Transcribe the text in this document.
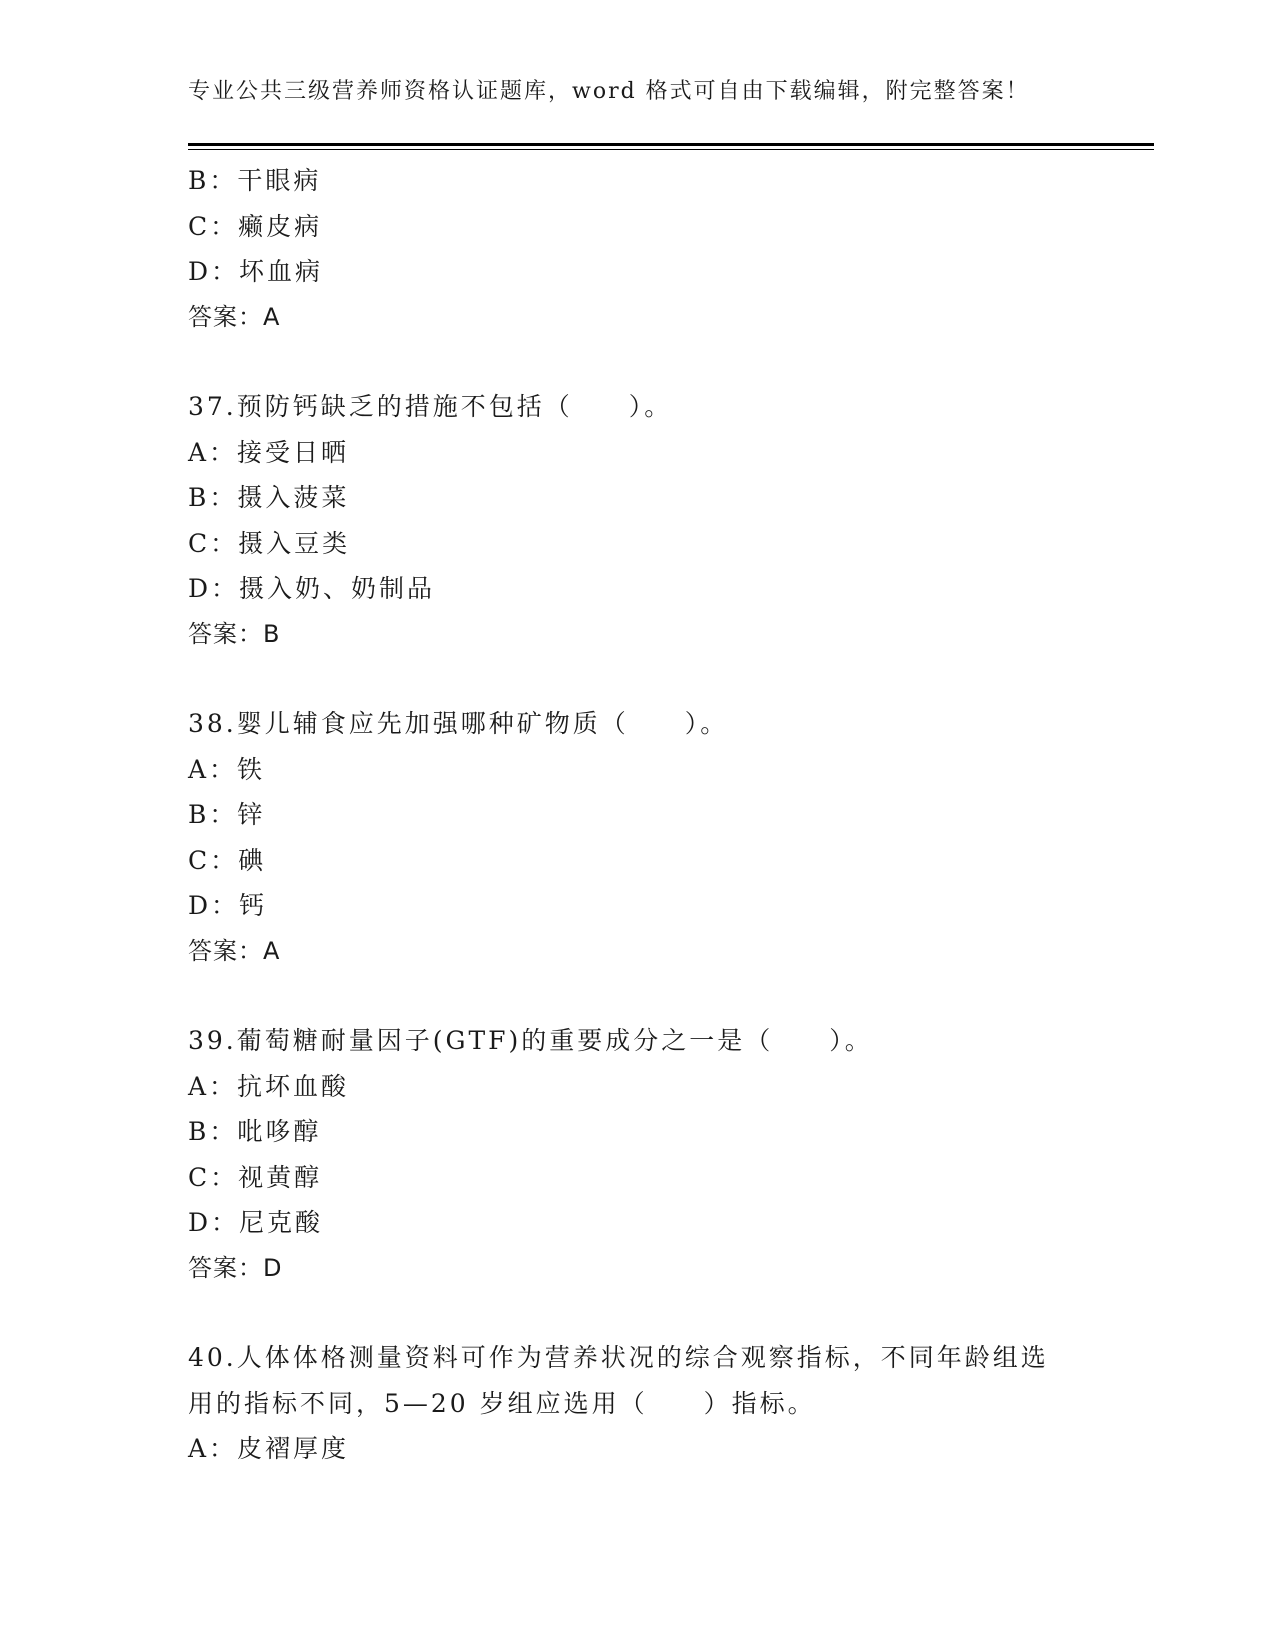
专业公共三级营养师资格认证题库，word 格式可自由下载编辑，附完整答案！
B：干眼病
C：癞皮病
D：坏血病
答案：A
37.预防钙缺乏的措施不包括（　　）。
A：接受日晒
B：摄入菠菜
C：摄入豆类
D：摄入奶、奶制品
答案：B
38.婴儿辅食应先加强哪种矿物质（　　）。
A：铁
B：锌
C：碘
D：钙
答案：A
39.葡萄糖耐量因子(GTF)的重要成分之一是（　　）。
A：抗坏血酸
B：吡哆醇
C：视黄醇
D：尼克酸
答案：D
40.人体体格测量资料可作为营养状况的综合观察指标，不同年龄组选
用的指标不同，5—20 岁组应选用（　　）指标。
A：皮褶厚度
